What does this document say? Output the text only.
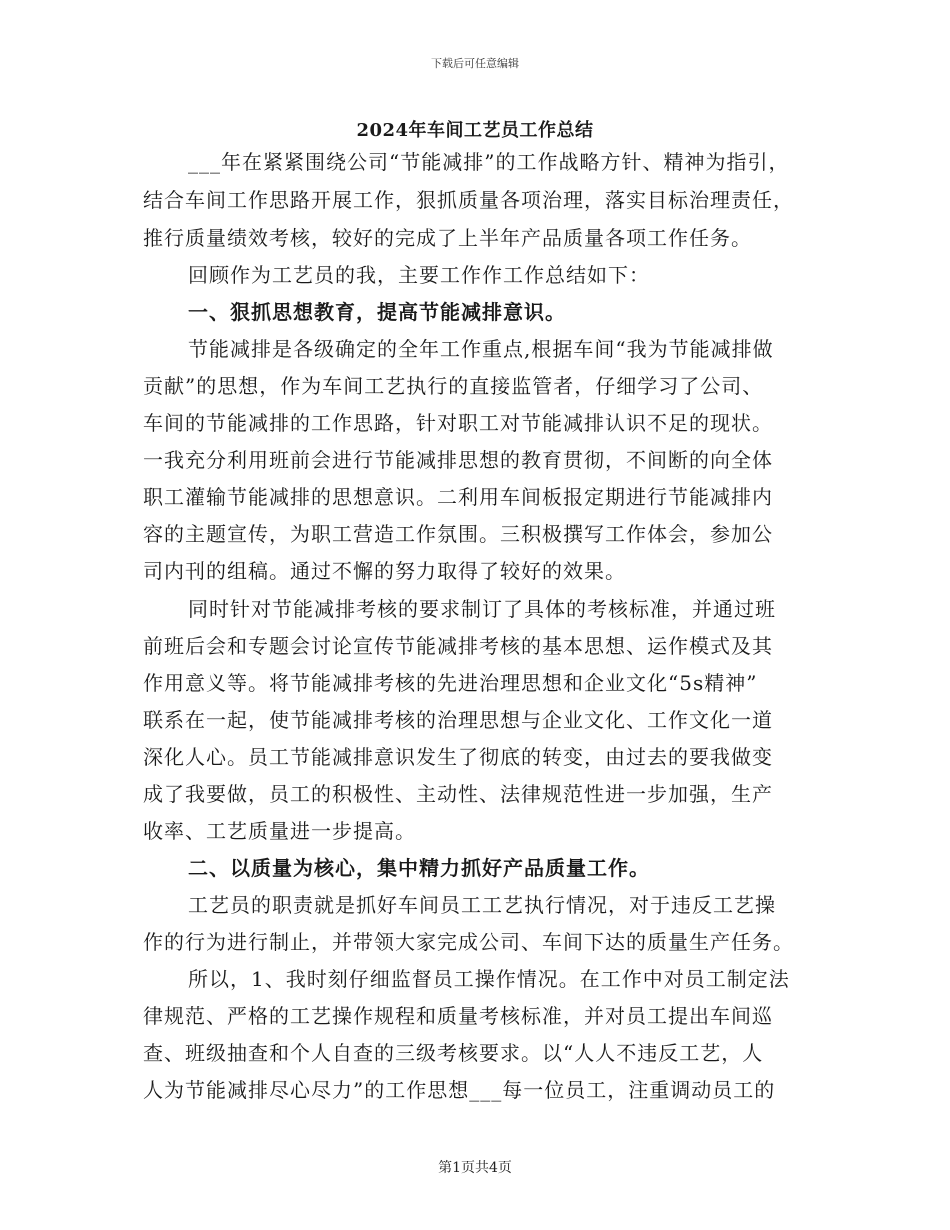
下载后可任意编辑
2024年车间工艺员工作总结
___年在紧紧围绕公司“节能减排”的工作战略方针、精神为指引，
结合车间工作思路开展工作，狠抓质量各项治理，落实目标治理责任，
推行质量绩效考核，较好的完成了上半年产品质量各项工作任务。
回顾作为工艺员的我，主要工作作工作总结如下：
一、狠抓思想教育，提高节能减排意识。
节能减排是各级确定的全年工作重点,根据车间“我为节能减排做
贡献”的思想，作为车间工艺执行的直接监管者，仔细学习了公司、
车间的节能减排的工作思路，针对职工对节能减排认识不足的现状。
一我充分利用班前会进行节能减排思想的教育贯彻，不间断的向全体
职工灌输节能减排的思想意识。二利用车间板报定期进行节能减排内
容的主题宣传，为职工营造工作氛围。三积极撰写工作体会，参加公
司内刊的组稿。通过不懈的努力取得了较好的效果。
同时针对节能减排考核的要求制订了具体的考核标准，并通过班
前班后会和专题会讨论宣传节能减排考核的基本思想、运作模式及其
作用意义等。将节能减排考核的先进治理思想和企业文化“5s精神”
联系在一起，使节能减排考核的治理思想与企业文化、工作文化一道
深化人心。员工节能减排意识发生了彻底的转变，由过去的要我做变
成了我要做，员工的积极性、主动性、法律规范性进一步加强，生产
收率、工艺质量进一步提高。
二、以质量为核心，集中精力抓好产品质量工作。
工艺员的职责就是抓好车间员工工艺执行情况，对于违反工艺操
作的行为进行制止，并带领大家完成公司、车间下达的质量生产任务。
所以，1、我时刻仔细监督员工操作情况。在工作中对员工制定法
律规范、严格的工艺操作规程和质量考核标准，并对员工提出车间巡
查、班级抽查和个人自查的三级考核要求。以“人人不违反工艺，人
人为节能减排尽心尽力”的工作思想___每一位员工，注重调动员工的
第1页共4页
